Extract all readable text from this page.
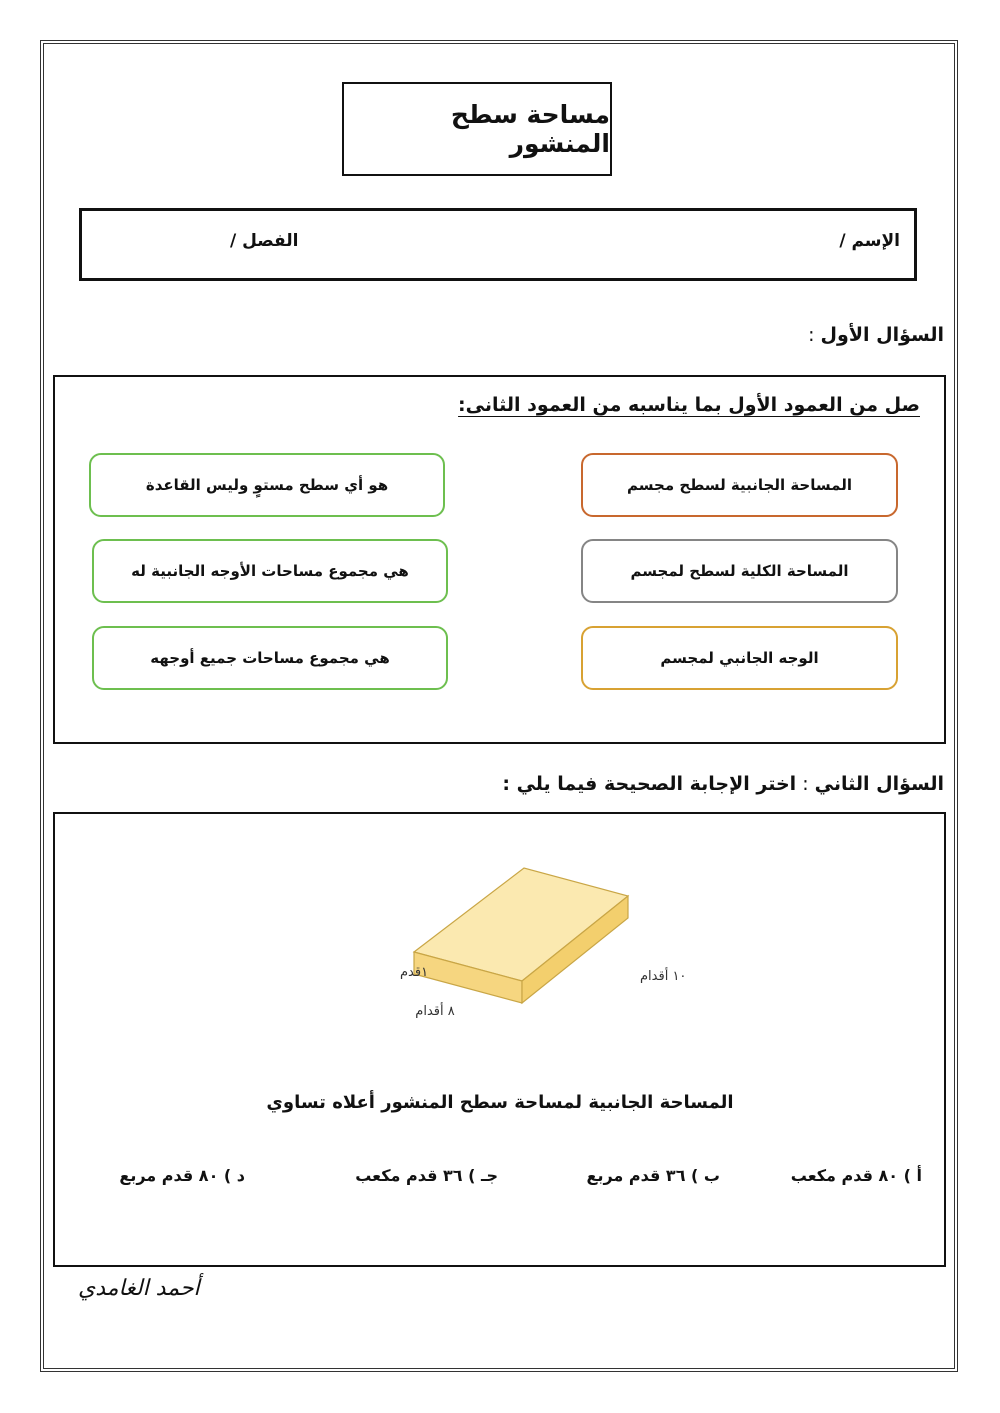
مساحة سطح المنشور
الإسم /
الفصل /
السؤال الأول:
صل من العمود الأول بما يناسبه من العمود الثانى:
المساحة الجانبية لسطح مجسم
المساحة الكلية لسطح لمجسم
الوجه الجانبي لمجسم
هو أي سطح مستوٍ وليس القاعدة
هي مجموع مساحات الأوجه الجانبية له
هي مجموع مساحات جميع أوجهه
السؤال الثاني:اختر الإجابة الصحيحة فيما يلي :
١قدم
٨ أقدام
١٠ أقدام
المساحة الجانبية لمساحة سطح المنشور أعلاه تساوي
أ ) ٨٠ قدم مكعب
ب ) ٣٦ قدم مربع
جـ ) ٣٦ قدم مكعب
د ) ٨٠ قدم مربع
أحمد الغامدي
